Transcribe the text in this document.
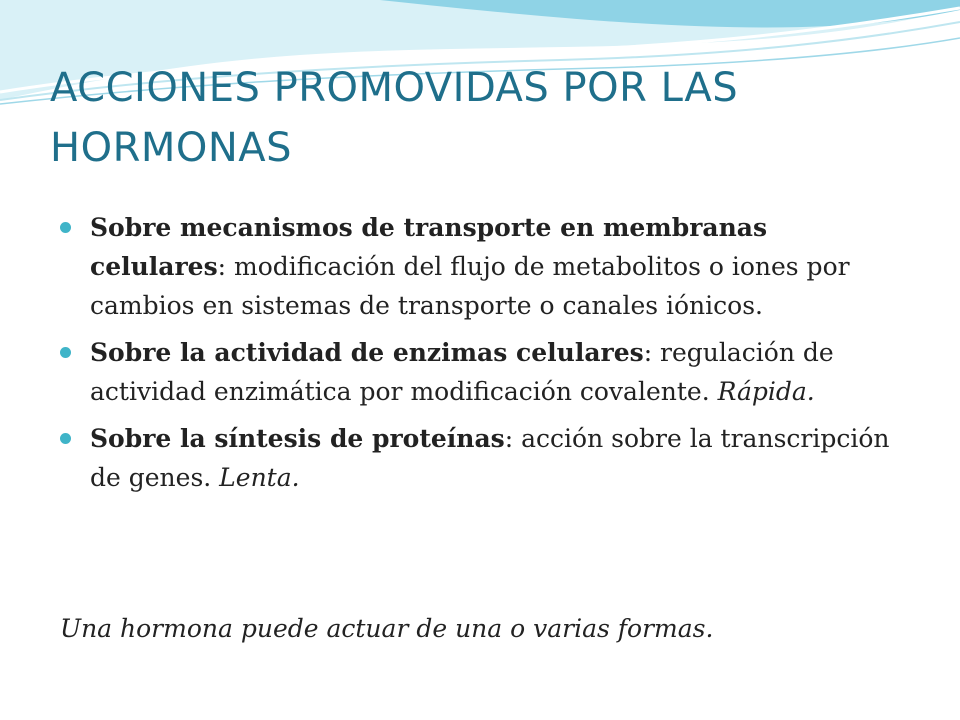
ACCIONES PROMOVIDAS POR LAS HORMONAS
Sobre mecanismos de transporte en membranas celulares: modificación del flujo de metabolitos o iones por cambios en sistemas de transporte o canales iónicos.
Sobre la actividad de enzimas celulares: regulación de actividad enzimática por modificación covalente. Rápida.
Sobre la síntesis de proteínas: acción sobre la transcripción de genes. Lenta.

Una hormona puede actuar de una o varias formas.
